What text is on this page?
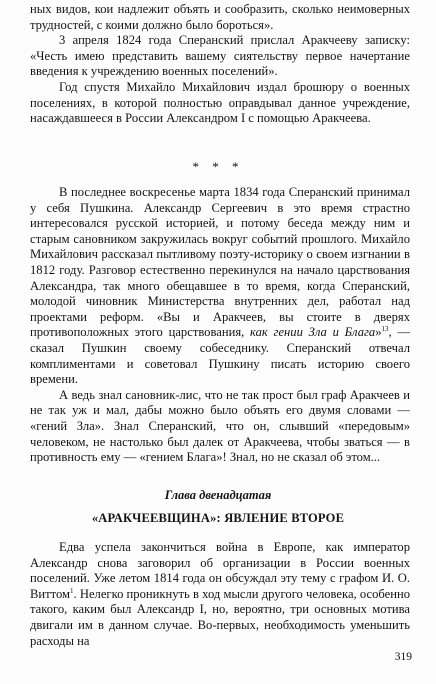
ных видов, кои надлежит объять и сообразить, сколько неимоверных трудностей, с коими должно было бороться».

3 апреля 1824 года Сперанский прислал Аракчееву записку: «Честь имею представить вашему сиятельству первое начертание введения к учреждению военных поселений».

Год спустя Михайло Михайлович издал брошюру о военных поселениях, в которой полностью оправдывал данное учреждение, насаждавшееся в России Александром I с помощью Аракчеева.

* * *

В последнее воскресенье марта 1834 года Сперанский принимал у себя Пушкина. Александр Сергеевич в это время страстно интересовался русской историей, и потому беседа между ним и старым сановником закружилась вокруг событий прошлого. Михайло Михайлович рассказал пытливому поэту-историку о своем изгнании в 1812 году. Разговор естественно перекинулся на начало царствования Александра, так много обещавшее в то время, когда Сперанский, молодой чиновник Министерства внутренних дел, работал над проектами реформ. «Вы и Аракчеев, вы стоите в дверях противоположных этого царствования, как гении Зла и Блага»$^{13}$, — сказал Пушкин своему собеседнику. Сперанский отвечал комплиментами и советовал Пушкину писать историю своего времени.

А ведь знал сановник-лис, что не так прост был граф Аракчеев и не так уж и мал, дабы можно было объять его двумя словами — «гений Зла». Знал Сперанский, что он, слывший «передовым» человеком, не настолько был далек от Аракчеева, чтобы зваться — в противность ему — «гением Блага»! Знал, но не сказал об этом...

Глава двенадцатая
«АРАКЧЕЕВЩИНА»: ЯВЛЕНИЕ ВТОРОЕ

Едва успела закончиться война в Европе, как император Александр снова заговорил об организации в России военных поселений. Уже летом 1814 года он обсуждал эту тему с графом И. О. Виттом$^1$. Нелегко проникнуть в ход мысли другого человека, особенно такого, каким был Александр I, но, вероятно, три основных мотива двигали им в данном случае. Во-первых, необходимость уменьшить расходы на

319
